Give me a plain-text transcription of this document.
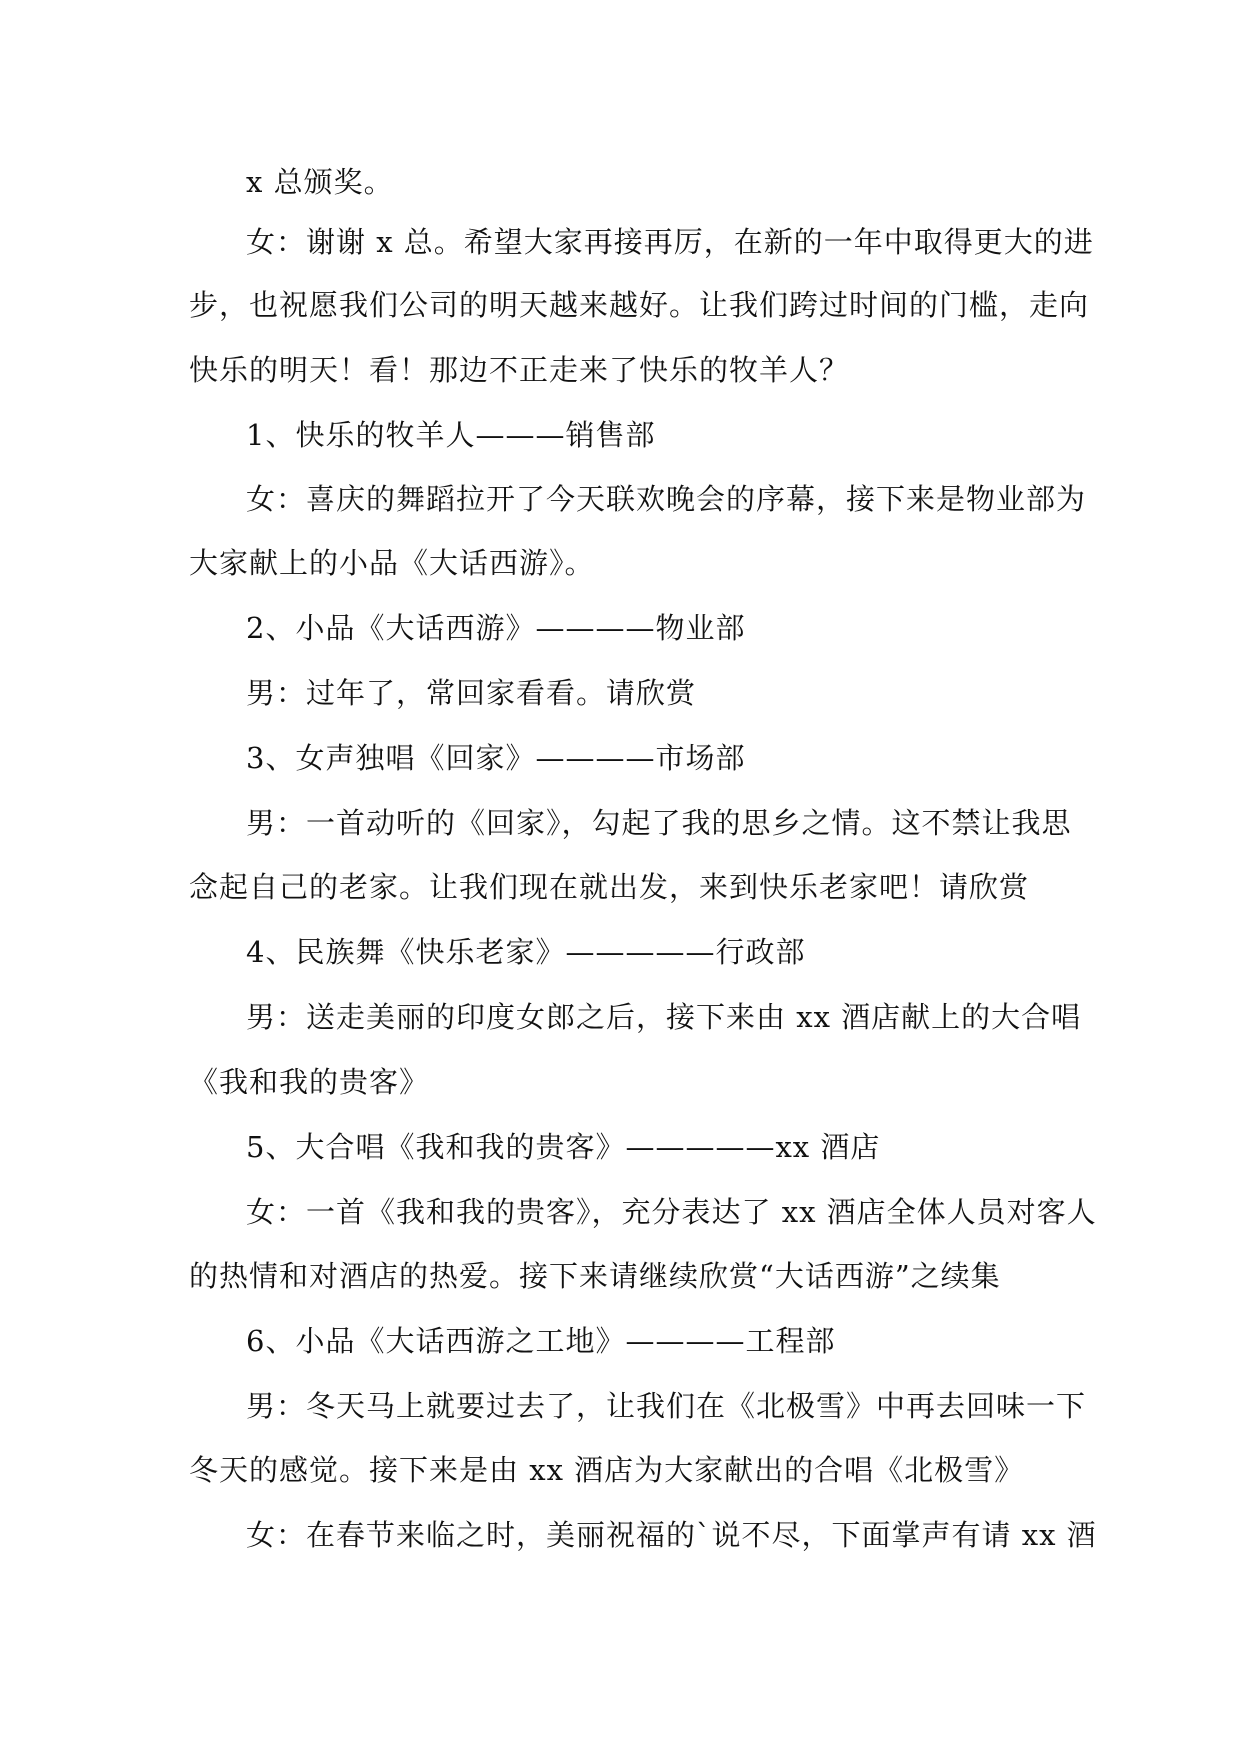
x 总颁奖。
女：谢谢 x 总。希望大家再接再厉，在新的一年中取得更大的进
步，也祝愿我们公司的明天越来越好。让我们跨过时间的门槛，走向
快乐的明天！看！那边不正走来了快乐的牧羊人？
1、快乐的牧羊人———销售部
女：喜庆的舞蹈拉开了今天联欢晚会的序幕，接下来是物业部为
大家献上的小品《大话西游》。
2、小品《大话西游》————物业部
男：过年了，常回家看看。请欣赏
3、女声独唱《回家》————市场部
男：一首动听的《回家》，勾起了我的思乡之情。这不禁让我思
念起自己的老家。让我们现在就出发，来到快乐老家吧！请欣赏
4、民族舞《快乐老家》—————行政部
男：送走美丽的印度女郎之后，接下来由 xx 酒店献上的大合唱
《我和我的贵客》
5、大合唱《我和我的贵客》—————xx 酒店
女：一首《我和我的贵客》，充分表达了 xx 酒店全体人员对客人
的热情和对酒店的热爱。接下来请继续欣赏“大话西游”之续集
6、小品《大话西游之工地》————工程部
男：冬天马上就要过去了，让我们在《北极雪》中再去回味一下
冬天的感觉。接下来是由 xx 酒店为大家献出的合唱《北极雪》
女：在春节来临之时，美丽祝福的`说不尽，下面掌声有请 xx 酒
